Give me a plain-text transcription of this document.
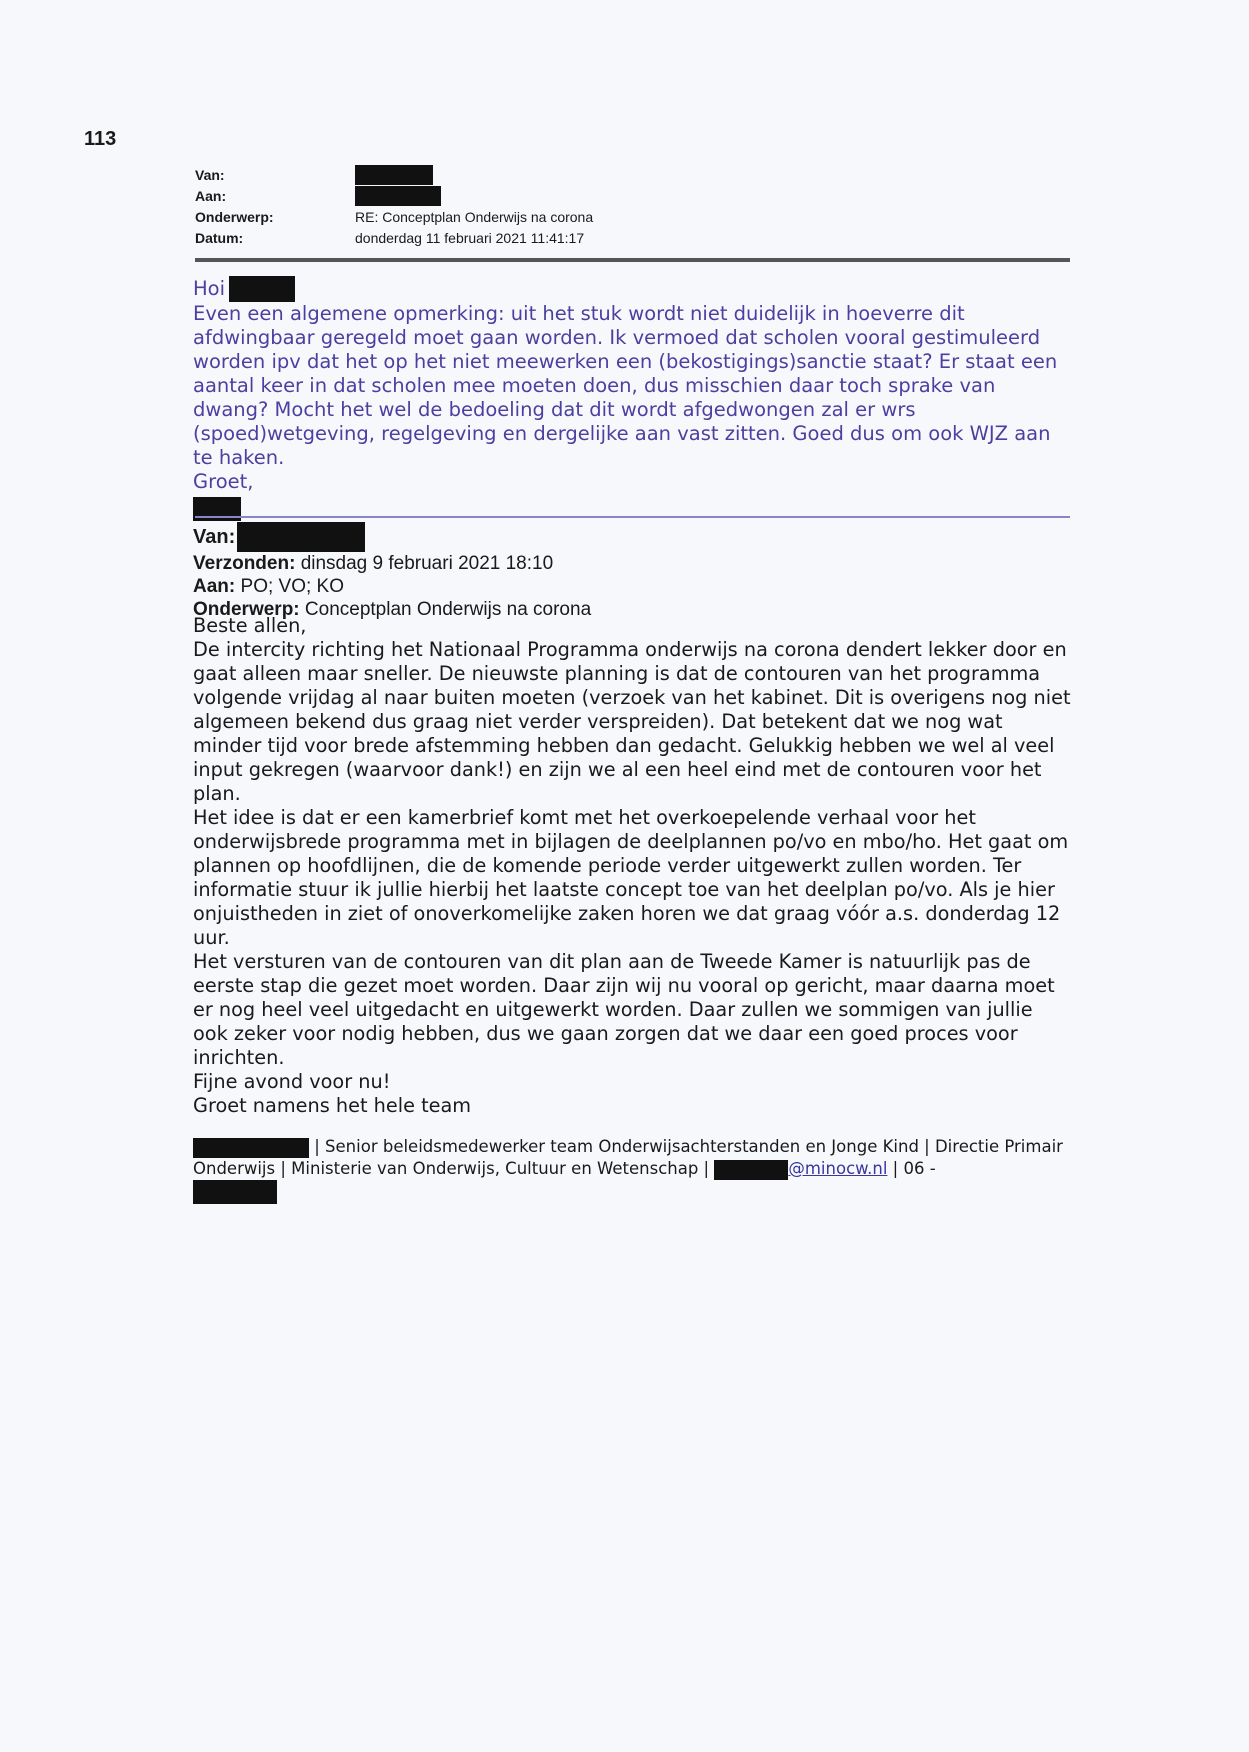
113
Van:
Aan:
Onderwerp:	RE: Conceptplan Onderwijs na corona
Datum:	donderdag 11 februari 2021 11:41:17
Hoi

Even een algemene opmerking: uit het stuk wordt niet duidelijk in hoeverre dit afdwingbaar geregeld moet gaan worden. Ik vermoed dat scholen vooral gestimuleerd worden ipv dat het op het niet meewerken een (bekostigings)sanctie staat? Er staat een aantal keer in dat scholen mee moeten doen, dus misschien daar toch sprake van dwang? Mocht het wel de bedoeling dat dit wordt afgedwongen zal er wrs (spoed)wetgeving, regelgeving en dergelijke aan vast zitten. Goed dus om ook WJZ aan te haken.

Groet,

Van:
Verzonden: dinsdag 9 februari 2021 18:10
Aan: PO; VO; KO
Onderwerp: Conceptplan Onderwijs na corona

Beste allen,

De intercity richting het Nationaal Programma onderwijs na corona dendert lekker door en gaat alleen maar sneller. De nieuwste planning is dat de contouren van het programma volgende vrijdag al naar buiten moeten (verzoek van het kabinet. Dit is overigens nog niet algemeen bekend dus graag niet verder verspreiden). Dat betekent dat we nog wat minder tijd voor brede afstemming hebben dan gedacht. Gelukkig hebben we wel al veel input gekregen (waarvoor dank!) en zijn we al een heel eind met de contouren voor het plan.

Het idee is dat er een kamerbrief komt met het overkoepelende verhaal voor het onderwijsbrede programma met in bijlagen de deelplannen po/vo en mbo/ho. Het gaat om plannen op hoofdlijnen, die de komende periode verder uitgewerkt zullen worden. Ter informatie stuur ik jullie hierbij het laatste concept toe van het deelplan po/vo. Als je hier onjuistheden in ziet of onoverkomelijke zaken horen we dat graag vóór a.s. donderdag 12 uur.

Het versturen van de contouren van dit plan aan de Tweede Kamer is natuurlijk pas de eerste stap die gezet moet worden. Daar zijn wij nu vooral op gericht, maar daarna moet er nog heel veel uitgedacht en uitgewerkt worden. Daar zullen we sommigen van jullie ook zeker voor nodig hebben, dus we gaan zorgen dat we daar een goed proces voor inrichten.

Fijne avond voor nu!

Groet namens het hele team

| Senior beleidsmedewerker team Onderwijsachterstanden en Jonge Kind | Directie Primair Onderwijs | Ministerie van Onderwijs, Cultuur en Wetenschap |	@minocw.nl | 06 -
